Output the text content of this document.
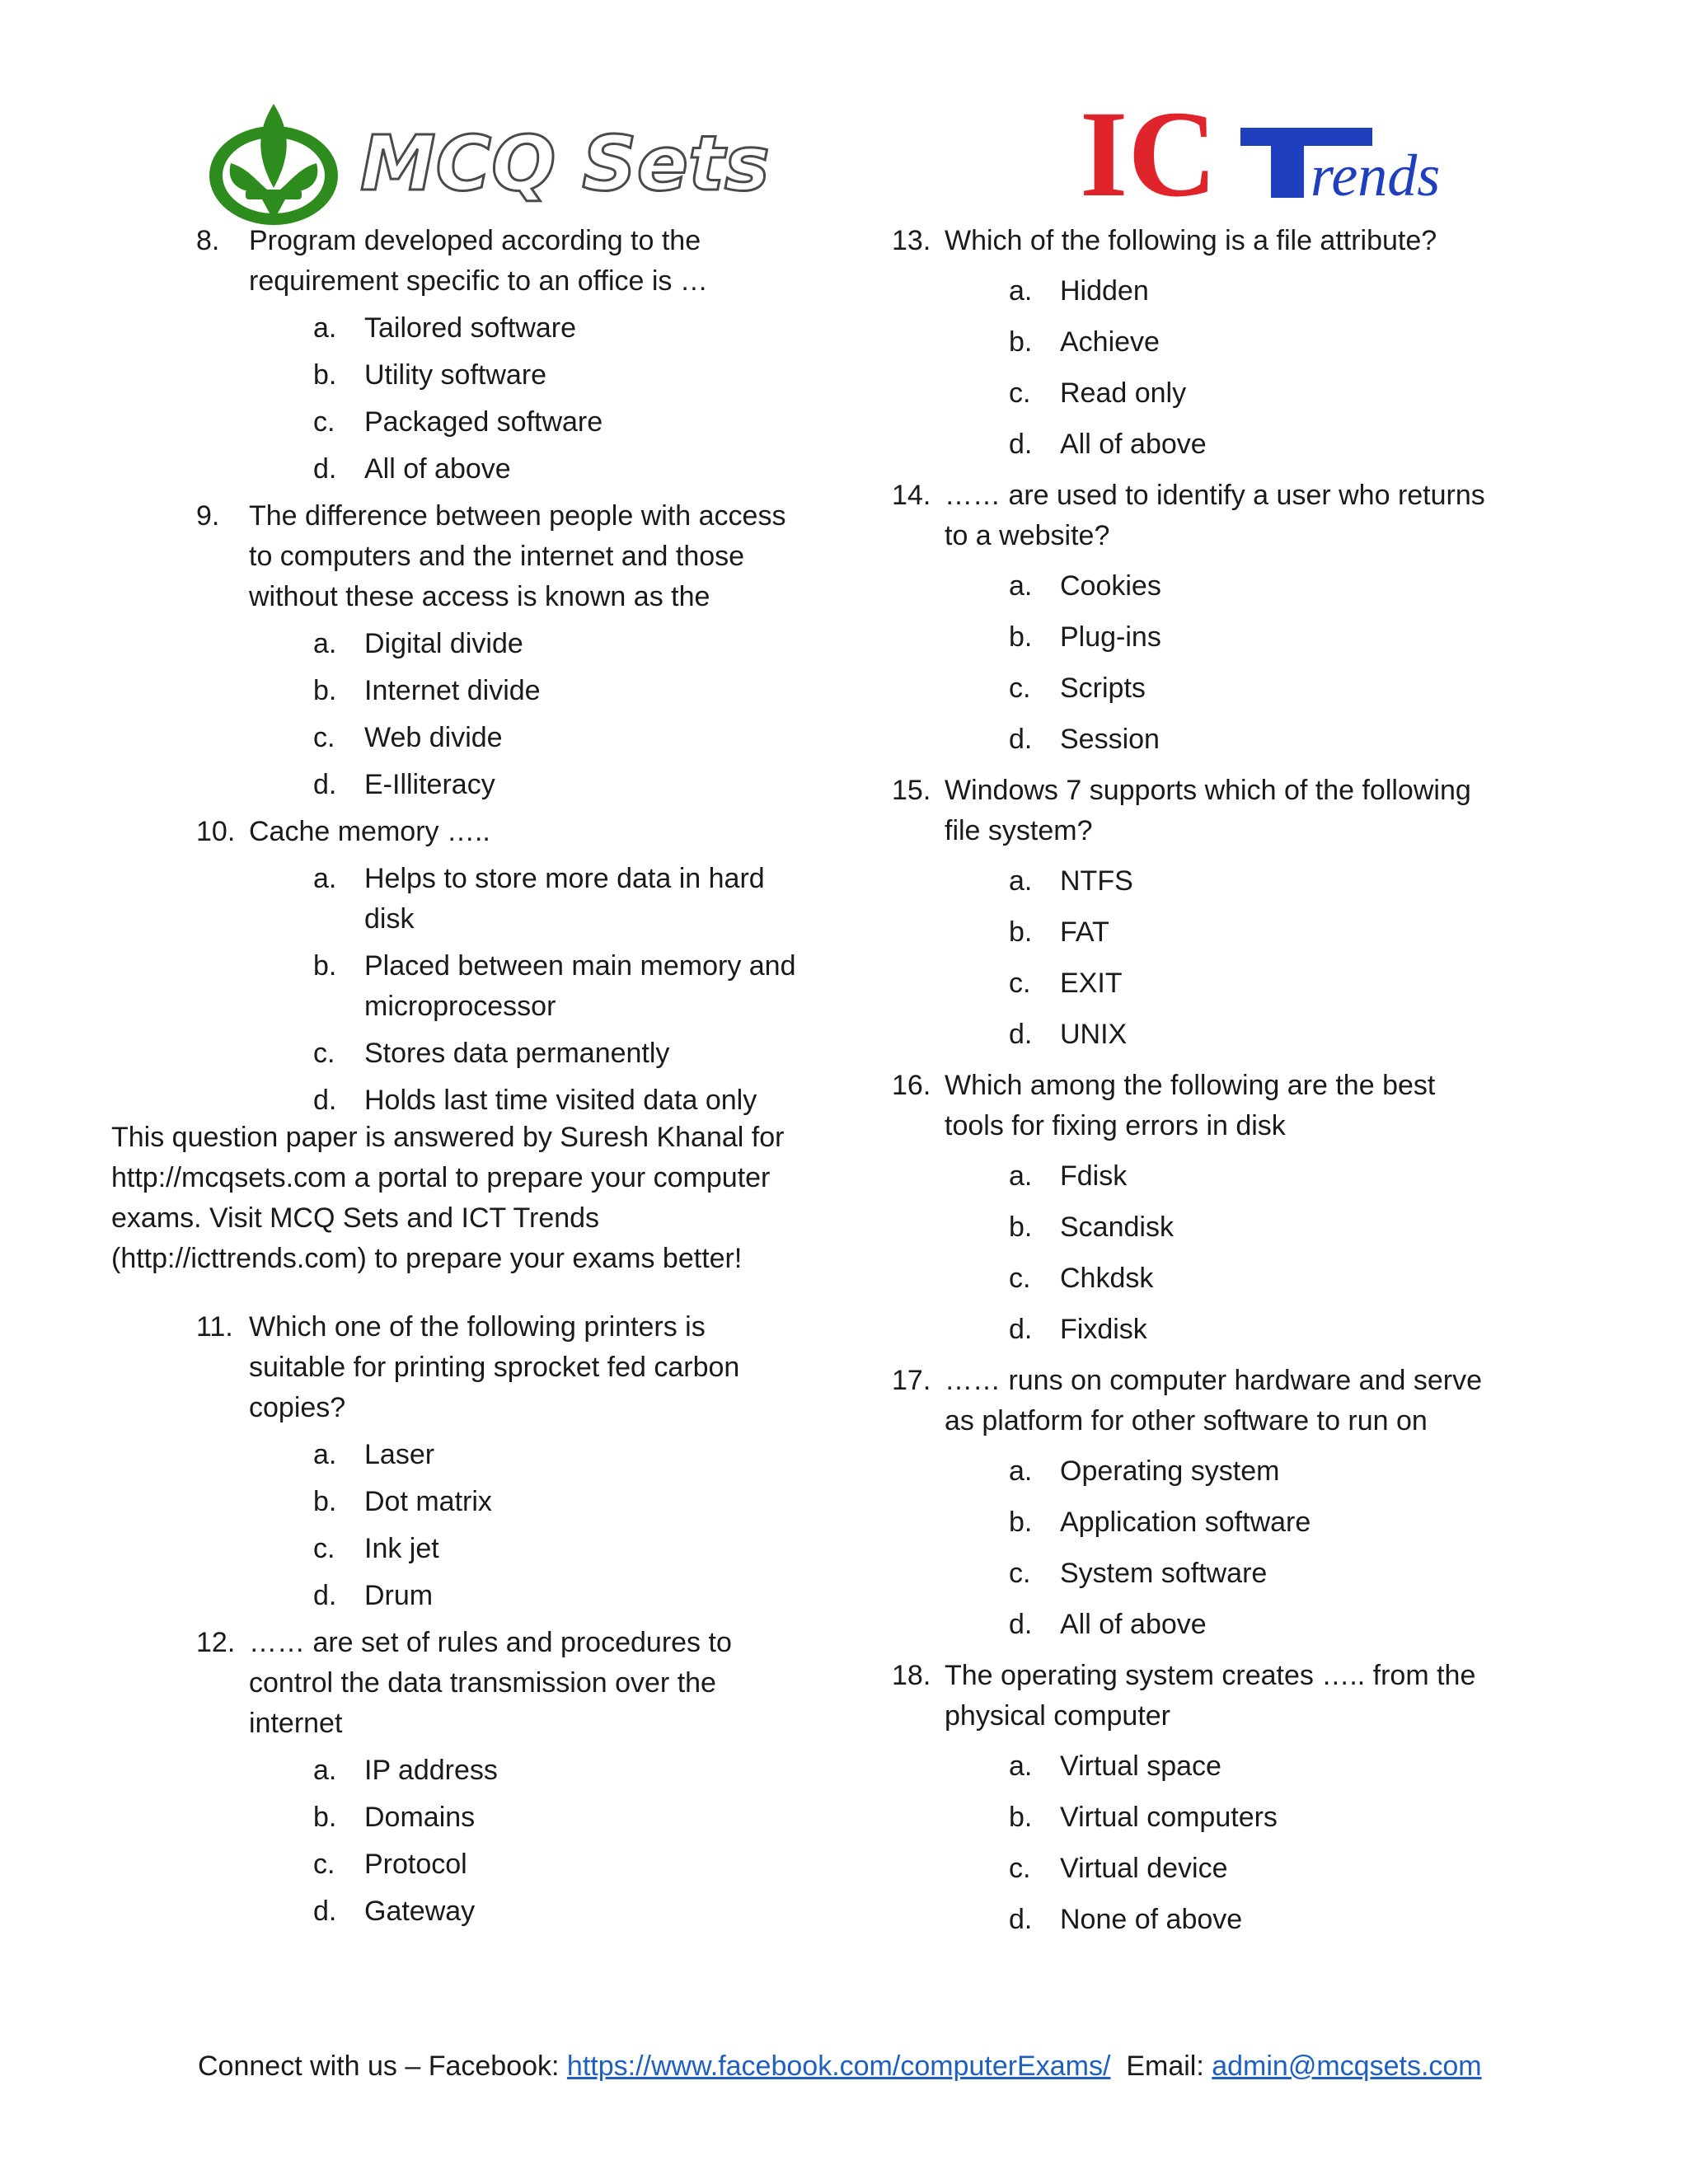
MCQ Sets	IC rends
8. Program developed according to the requirement specific to an office is …
a. Tailored software
b. Utility software
c. Packaged software
d. All of above
9. The difference between people with access to computers and the internet and those without these access is known as the
a. Digital divide
b. Internet divide
c. Web divide
d. E-Illiteracy
10. Cache memory …..
a. Helps to store more data in hard disk
b. Placed between main memory and microprocessor
c. Stores data permanently
d. Holds last time visited data only

This question paper is answered by Suresh Khanal for http://mcqsets.com a portal to prepare your computer exams. Visit MCQ Sets and ICT Trends (http://icttrends.com) to prepare your exams better!

11. Which one of the following printers is suitable for printing sprocket fed carbon copies?
a. Laser
b. Dot matrix
c. Ink jet
d. Drum
12. …… are set of rules and procedures to control the data transmission over the internet
a. IP address
b. Domains
c. Protocol
d. Gateway
13. Which of the following is a file attribute?
a. Hidden
b. Achieve
c. Read only
d. All of above
14. …… are used to identify a user who returns to a website?
a. Cookies
b. Plug-ins
c. Scripts
d. Session
15. Windows 7 supports which of the following file system?
a. NTFS
b. FAT
c. EXIT
d. UNIX
16. Which among the following are the best tools for fixing errors in disk
a. Fdisk
b. Scandisk
c. Chkdsk
d. Fixdisk
17. …… runs on computer hardware and serve as platform for other software to run on
a. Operating system
b. Application software
c. System software
d. All of above
18. The operating system creates ….. from the physical computer
a. Virtual space
b. Virtual computers
c. Virtual device
d. None of above
Connect with us – Facebook: https://www.facebook.com/computerExams/ Email: admin@mcqsets.com
